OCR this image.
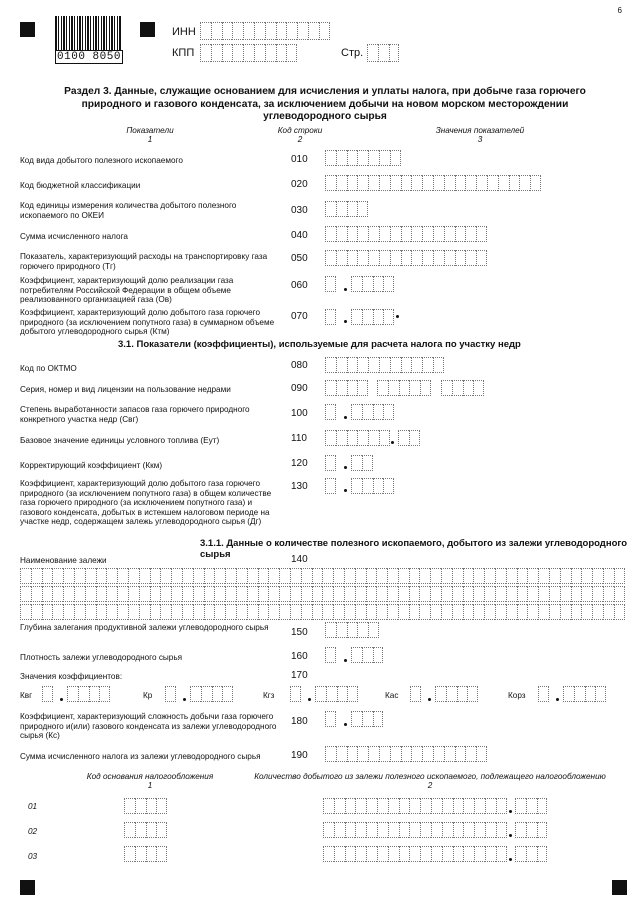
6
0100 8050
ИНН
КПП	Стр.
Раздел 3. Данные, служащие основанием для исчисления и уплаты налога, при добыче газа горючего
природного и газового конденсата, за исключением добычи на новом морском месторождении
углеводородного сырья
Показатели
1
Код строки
2
Значения показателей
3
Код вида добытого полезного ископаемого	010
Код бюджетной классификации	020
Код единицы измерения количества добытого полезного ископаемого по ОКЕИ	030
Сумма исчисленного налога	040
Показатель, характеризующий расходы на транспортировку газа горючего природного (Тг)
050
Коэффициент, характеризующий долю реализации газа потребителям Российской Федерации в общем объеме реализованного организацией газа (Ов)
060
Коэффициент, характеризующий долю добытого газа горючего природного (за исключением попутного газа) в суммарном объеме добытого углеводородного сырья (Ктм)
070
3.1. Показатели (коэффициенты), используемые для расчета налога по участку недр
Код по ОКТМО	080
Серия, номер и вид лицензии на пользование недрами	090
Степень выработанности запасов газа горючего природного конкретного участка недр (Свг)
100
Базовое значение единицы условного топлива (Еут)	110
Корректирующий коэффициент (Ккм)	120
Коэффициент, характеризующий долю добытого газа горючего природного (за исключением попутного газа) в общем количестве газа горючего природного (за исключением попутного газа) и газового конденсата, добытых в истекшем налоговом периоде на участке недр, содержащем залежь углеводородного сырья (Дг)
130
3.1.1. Данные о количестве полезного ископаемого, добытого из залежи углеводородного сырья
Наименование залежи	140
Глубина залегания продуктивной залежи углеводородного сырья	150
Плотность залежи углеводородного сырья	160
Значения коэффициентов:	170
Квг	Кр	Кгз	Кас	Корз
Коэффициент, характеризующий сложность добычи газа горючего природного и(или) газового конденсата из залежи углеводородного сырья (Кс)
180
Сумма исчисленного налога из залежи углеводородного сырья	190
Код основания налогообложения
1
Количество добытого из залежи полезного ископаемого, подлежащего налогообложению
2
01
02
03
